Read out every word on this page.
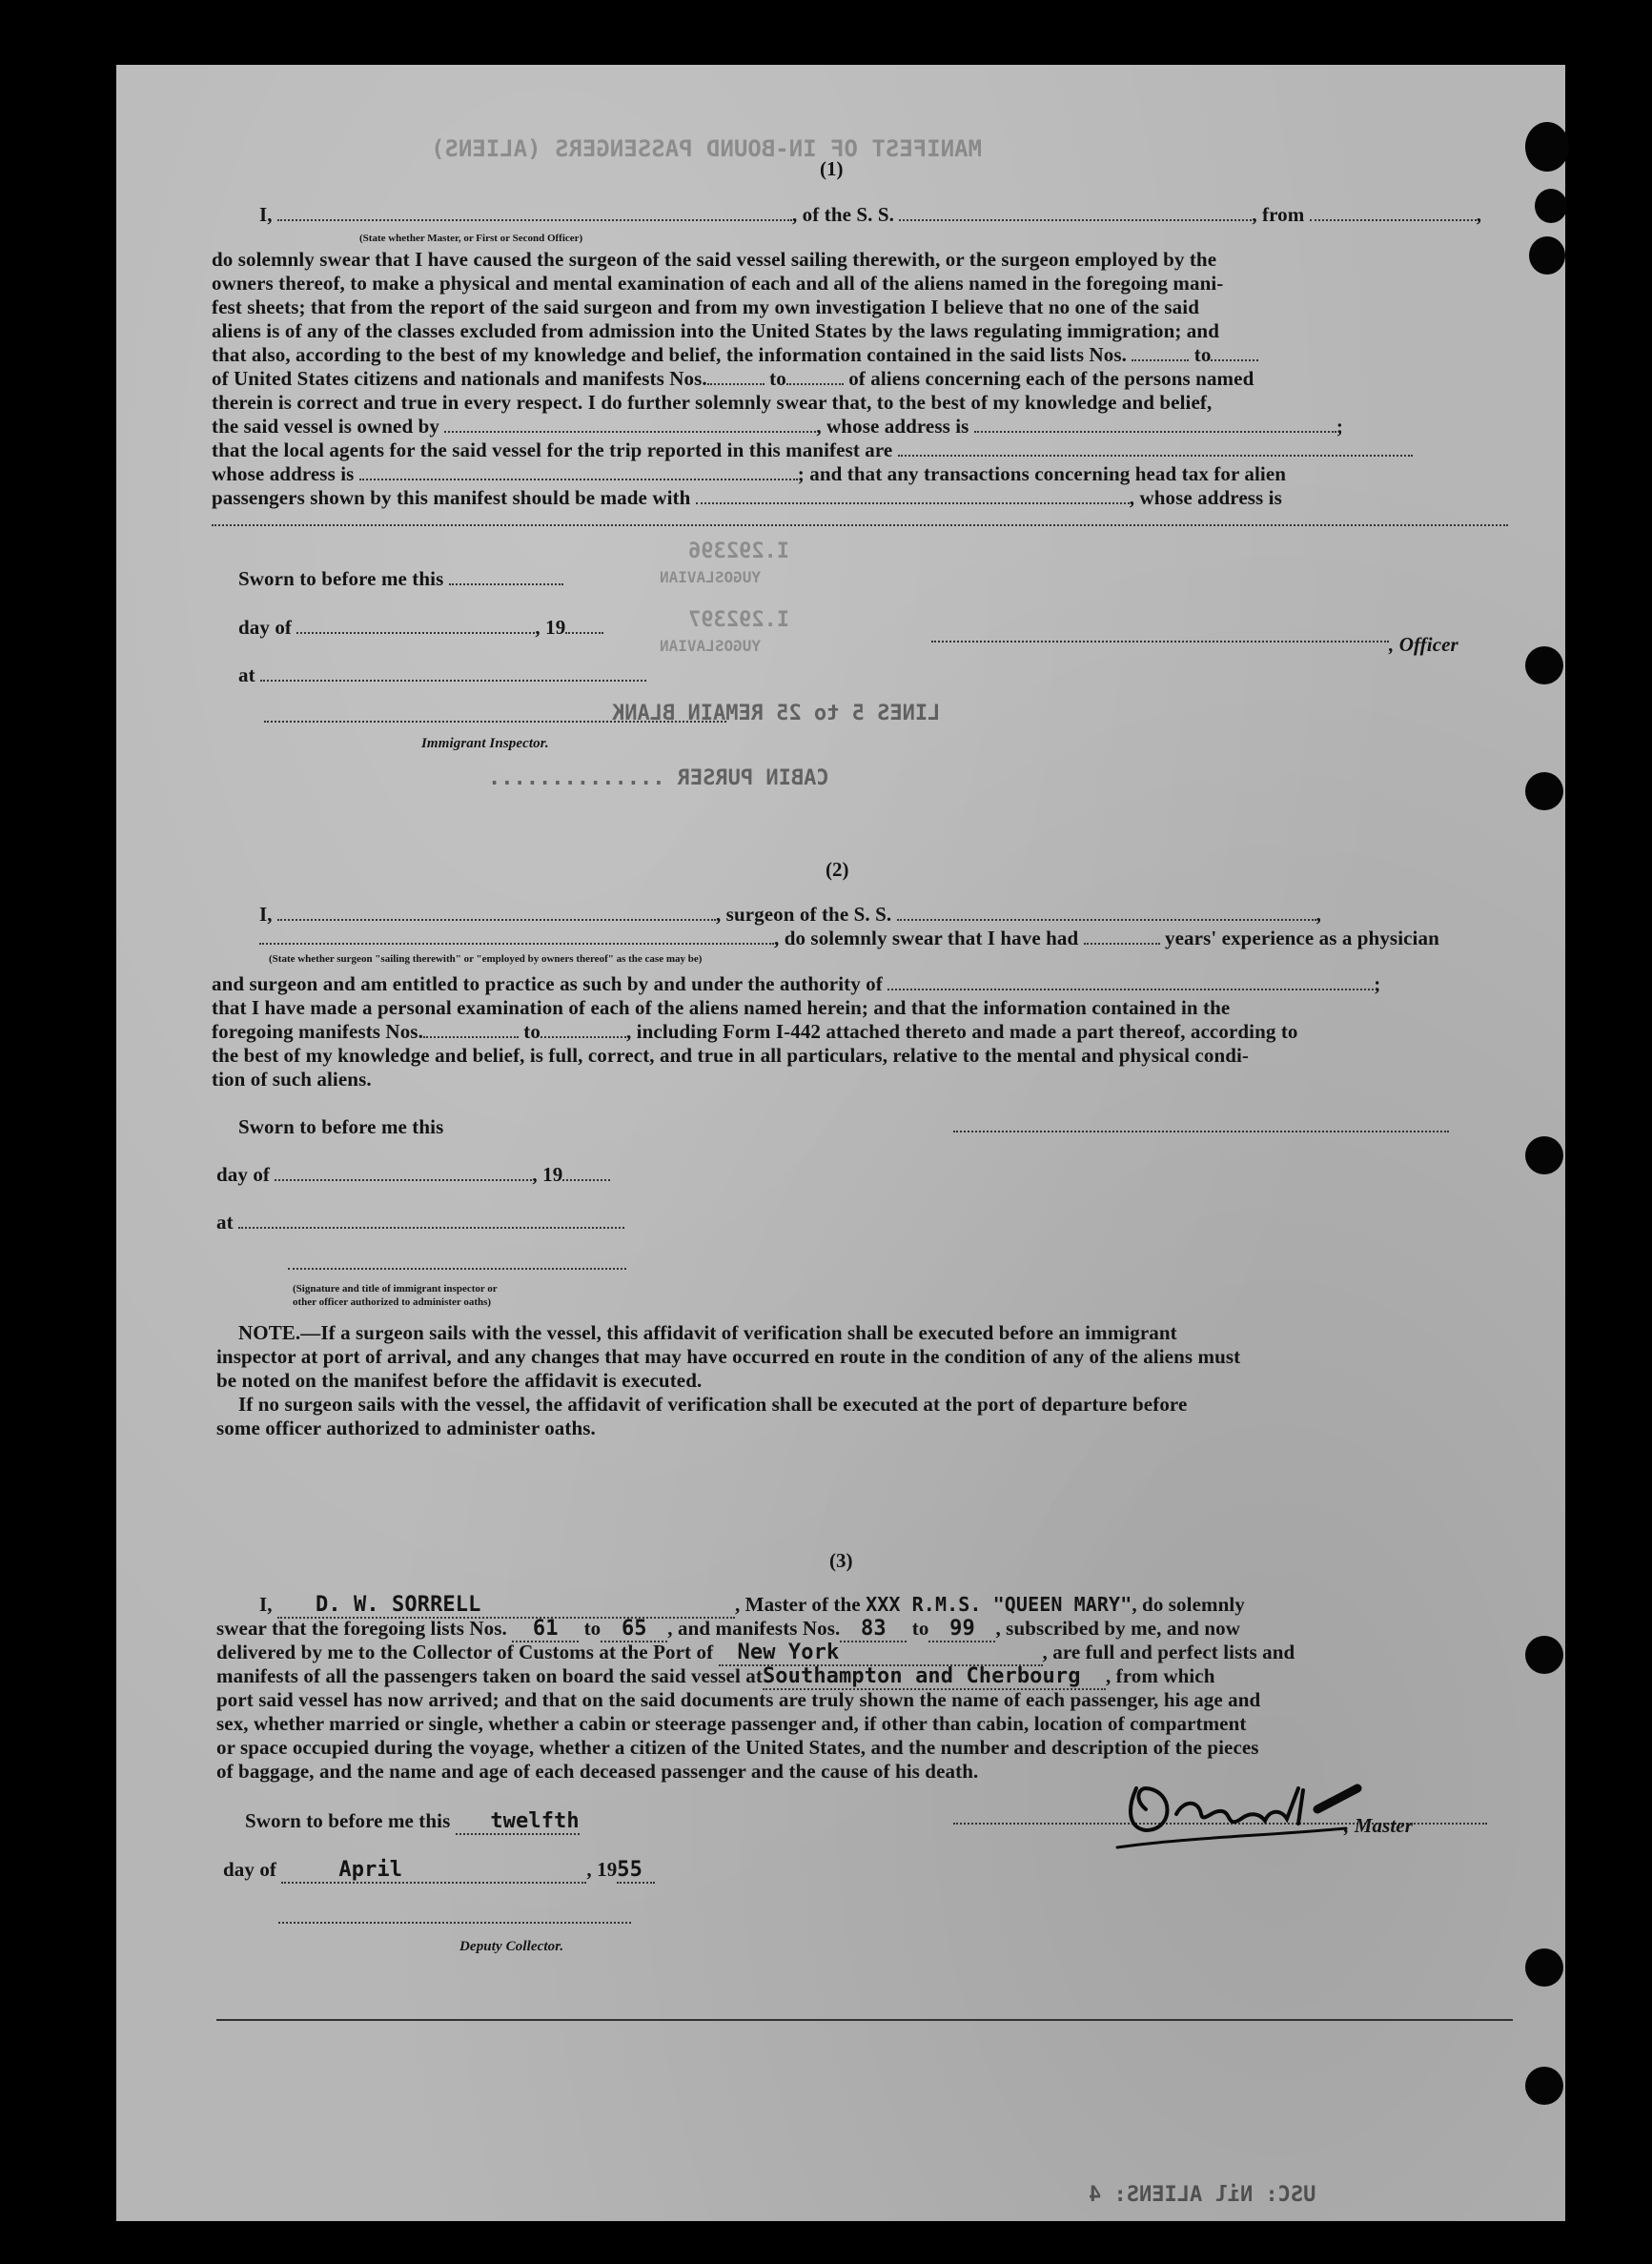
MANIFEST OF IN-BOUND PASSENGERS (ALIENS)
I.292396
YUGOSLAVIAN
I.292397
YUGOSLAVIAN
LINES 5 to 25 REMAIN BLANK
CABIN PURSER ..............
USC: Nil ALIENS: 4
(1)
I,	, of the S. S.	, from	,
(State whether Master, or First or Second Officer)
do solemnly swear that I have caused the surgeon of the said vessel sailing therewith, or the surgeon employed by the
owners thereof, to make a physical and mental examination of each and all of the aliens named in the foregoing mani-
fest sheets; that from the report of the said surgeon and from my own investigation I believe that no one of the said
aliens is of any of the classes excluded from admission into the United States by the laws regulating immigration; and
that also, according to the best of my knowledge and belief, the information contained in the said lists Nos.	to
of United States citizens and nationals and manifests Nos.	to	of aliens concerning each of the persons named
therein is correct and true in every respect. I do further solemnly swear that, to the best of my knowledge and belief,
the said vessel is owned by	, whose address is	;
that the local agents for the said vessel for the trip reported in this manifest are
whose address is	; and that any transactions concerning head tax for alien
passengers shown by this manifest should be made with	, whose address is
Sworn to before me this
day of	, 19
at
, Officer
Immigrant Inspector.
(2)
I,	, surgeon of the S. S.	,
, do solemnly swear that I have had	years' experience as a physician
(State whether surgeon "sailing therewith" or "employed by owners thereof" as the case may be)
and surgeon and am entitled to practice as such by and under the authority of	;
that I have made a personal examination of each of the aliens named herein; and that the information contained in the
foregoing manifests Nos.	to	, including Form I-442 attached thereto and made a part thereof, according to
the best of my knowledge and belief, is full, correct, and true in all particulars, relative to the mental and physical condi-
tion of such aliens.
Sworn to before me this
day of	, 19
at
(Signature and title of immigrant inspector or
other officer authorized to administer oaths)
NOTE.—If a surgeon sails with the vessel, this affidavit of verification shall be executed before an immigrant
inspector at port of arrival, and any changes that may have occurred en route in the condition of any of the aliens must
be noted on the manifest before the affidavit is executed.
If no surgeon sails with the vessel, the affidavit of verification shall be executed at the port of departure before
some officer authorized to administer oaths.
(3)
I, D. W. SORRELL	, Master of the XXX R.M.S. "QUEEN MARY", do solemnly
swear that the foregoing lists Nos. 61 to 65 , and manifests Nos. 83 to 99 , subscribed by me, and now
delivered by me to the Collector of Customs at the Port of New York	, are full and perfect lists and
manifests of all the passengers taken on board the said vessel atSouthampton and Cherbourg , from which
port said vessel has now arrived; and that on the said documents are truly shown the name of each passenger, his age and
sex, whether married or single, whether a cabin or steerage passenger and, if other than cabin, location of compartment
or space occupied during the voyage, whether a citizen of the United States, and the number and description of the pieces
of baggage, and the name and age of each deceased passenger and the cause of his death.
Sworn to before me this twelfth
day of	April	, 1955
, Master
Deputy Collector.
